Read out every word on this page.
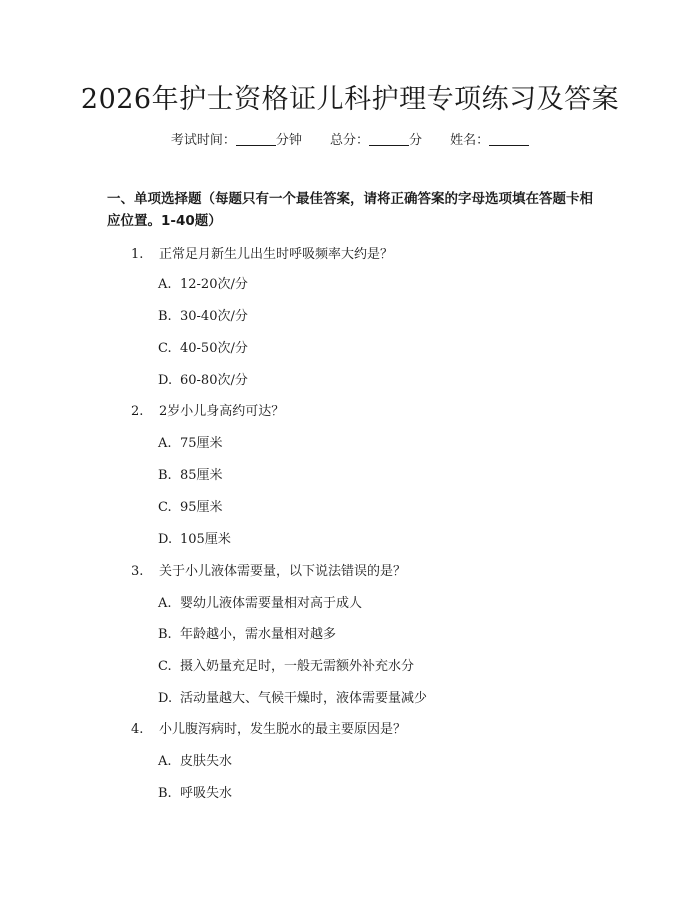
2026年护士资格证儿科护理专项练习及答案
考试时间：	分钟 总分：	分 姓名：
一、单项选择题（每题只有一个最佳答案，请将正确答案的字母选项填在答题卡相应位置。1-40题）
1. 正常足月新生儿出生时呼吸频率大约是？
A. 12-20次/分
B. 30-40次/分
C. 40-50次/分
D. 60-80次/分
2. 2岁小儿身高约可达？
A. 75厘米
B. 85厘米
C. 95厘米
D. 105厘米
3. 关于小儿液体需要量，以下说法错误的是？
A. 婴幼儿液体需要量相对高于成人
B. 年龄越小，需水量相对越多
C. 摄入奶量充足时，一般无需额外补充水分
D. 活动量越大、气候干燥时，液体需要量减少
4. 小儿腹泻病时，发生脱水的最主要原因是？
A. 皮肤失水
B. 呼吸失水
